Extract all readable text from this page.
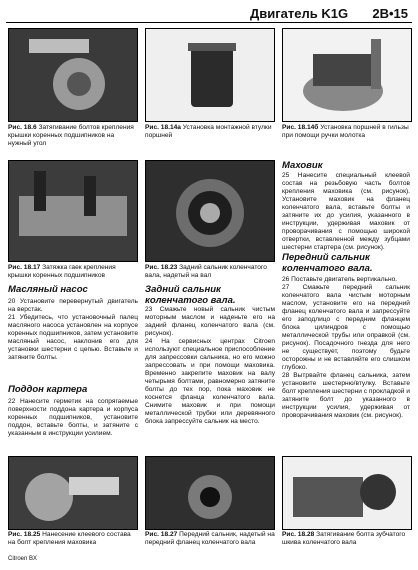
Двигатель K1G 2B•15
Рис. 18.6 Затягивание болтов крепления крышки коренных подшипников на нужный угол
Рис. 18.14а Установка монтажной втулки поршней
Рис. 18.14б Установка поршней в гильзы при помощи ручки молотка
Рис. 18.17 Затяжка гаек крепления крышки коренных подшипников
Рис. 18.23 Задний сальник коленчатого вала, надетый на вал
Маховик
25 Нанесите специальный клеевой состав на резьбовую часть болтов крепления маховика (см. рисунок). Установите маховик на фланец коленчатого вала, вставьте болты и затяните их до усилия, указанного в инструкции, удерживая маховик от проворачивания с помощью широкой отвертки, вставленной между зубцами шестерни стартера (см. рисунок).
Передний сальник коленчатого вала.
26 Поставьте двигатель вертикально.
27 Смажьте передний сальник коленчатого вала чистым моторным маслом, установите его на передний фланец коленчатого вала и запрессуйте его заподлицо с передним фланцем блока цилиндров с помощью металлической трубы или оправкой (см. рисунок). Посадочного гнезда для него не существует, поэтому будьте осторожны и не вставляйте его слишком глубоко.
28 Вытрвайте фланец сальника, затем установите шестерню/втулку. Вставьте болт крепления шестерни с прокладкой и затяните болт до указанного в инструкции усилия, удерживая от проворачивания маховик (см. рисунок).
Масляный насос
20 Установите перевернутый двигатель на верстак.
21 Убедитесь, что установочный палец масляного насоса установлен на корпусе коренных подшипников, затем установите масляный насос, наклонив его для установки шестерни с цепью. Вставьте и затяните болты.
Поддон картера
22 Нанесите герметик на сопрягаемые поверхности поддона картера и корпуса коренных подшипников, установите поддон, вставьте болты, и затяните с указанным в инструкции усилием.
Задний сальник коленчатого вала.
23 Смажьте новый сальник чистым моторным маслом и наденьте его на задний фланец коленчатого вала (см. рисунок).
24 На сервисных центрах Citroen используют специальное приспособление для запрессовки сальника, но его можно запрессовать и при помощи маховика. Временно закрепите маховик на валу четырьмя болтами, равномерно затяните болты до тех пор, пока маховик не коснется фланца коленчатого вала. Снимите маховик и при помощи металлической трубки или деревянного блока запрессуйте сальник на место.
Рис. 18.25 Нанесение клеевого состава на болт крепления маховика
Рис. 18.27 Передний сальник, надетый на передний фланец коленчатого вала
Рис. 18.28 Затягивание болта зубчатого шкива коленчатого вала
Citroen BX
